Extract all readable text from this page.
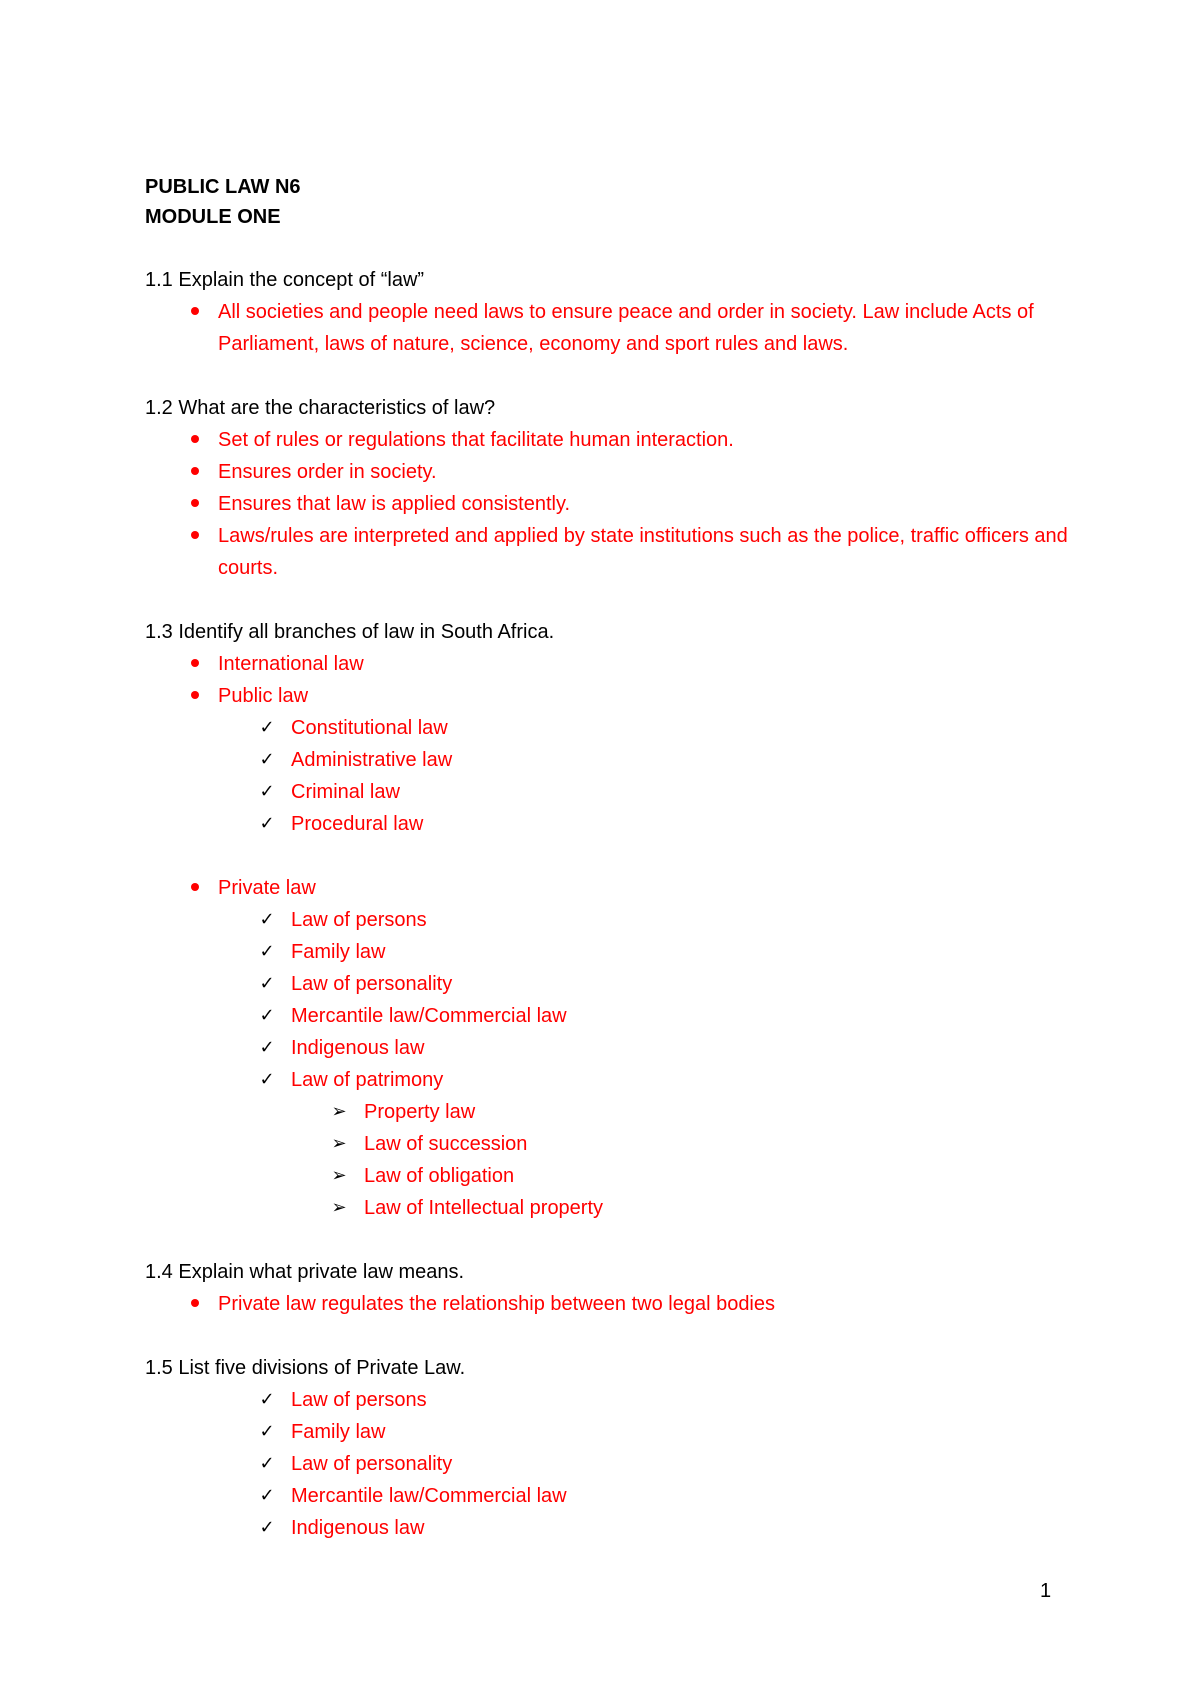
PUBLIC LAW N6
MODULE ONE
1.1 Explain the concept of “law”
All societies and people need laws to ensure peace and order in society. Law include Acts of Parliament, laws of nature, science, economy and sport rules and laws.
1.2 What are the characteristics of law?
Set of rules or regulations that facilitate human interaction.
Ensures order in society.
Ensures that law is applied consistently.
Laws/rules are interpreted and applied by state institutions such as the police, traffic officers and courts.
1.3 Identify all branches of law in South Africa.
International law
Public law
✓ Constitutional law
✓ Administrative law
✓ Criminal law
✓ Procedural law
Private law
✓ Law of persons
✓ Family law
✓ Law of personality
✓ Mercantile law/Commercial law
✓ Indigenous law
✓ Law of patrimony
➢ Property law
➢ Law of succession
➢ Law of obligation
➢ Law of Intellectual property
1.4 Explain what private law means.
Private law regulates the relationship between two legal bodies
1.5 List five divisions of Private Law.
✓ Law of persons
✓ Family law
✓ Law of personality
✓ Mercantile law/Commercial law
✓ Indigenous law
1
